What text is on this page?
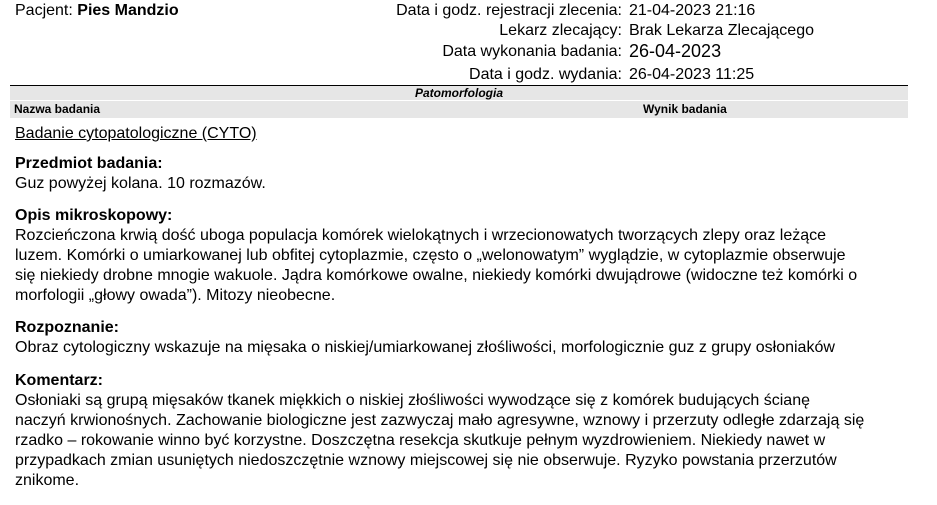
Pacjent: Pies Mandzio	Data i godz. rejestracji zlecenia: 21-04-2023 21:16
Lekarz zlecający: Brak Lekarza Zlecającego
Data wykonania badania: 26-04-2023
Data i godz. wydania: 26-04-2023 11:25
Patomorfologia
Nazwa badania	Wynik badania
Badanie cytopatologiczne (CYTO)
Przedmiot badania:

Guz powyżej kolana. 10 rozmazów.

Opis mikroskopowy:

Rozcieńczona krwią dość uboga populacja komórek wielokątnych i wrzecionowatych tworzących zlepy oraz leżące

luzem. Komórki o umiarkowanej lub obfitej cytoplazmie, często o „welonowatym” wyglądzie, w cytoplazmie obserwuje

się niekiedy drobne mnogie wakuole. Jądra komórkowe owalne, niekiedy komórki dwujądrowe (widoczne też komórki o

morfologii „głowy owada”). Mitozy nieobecne.

Rozpoznanie:

Obraz cytologiczny wskazuje na mięsaka o niskiej/umiarkowanej złośliwości, morfologicznie guz z grupy osłoniaków

Komentarz:

Osłoniaki są grupą mięsaków tkanek miękkich o niskiej złośliwości wywodzące się z komórek budujących ścianę

naczyń krwionośnych. Zachowanie biologiczne jest zazwyczaj mało agresywne, wznowy i przerzuty odległe zdarzają się

rzadko – rokowanie winno być korzystne. Doszczętna resekcja skutkuje pełnym wyzdrowieniem. Niekiedy nawet w

przypadkach zmian usuniętych niedoszczętnie wznowy miejscowej się nie obserwuje. Ryzyko powstania przerzutów

znikome.
